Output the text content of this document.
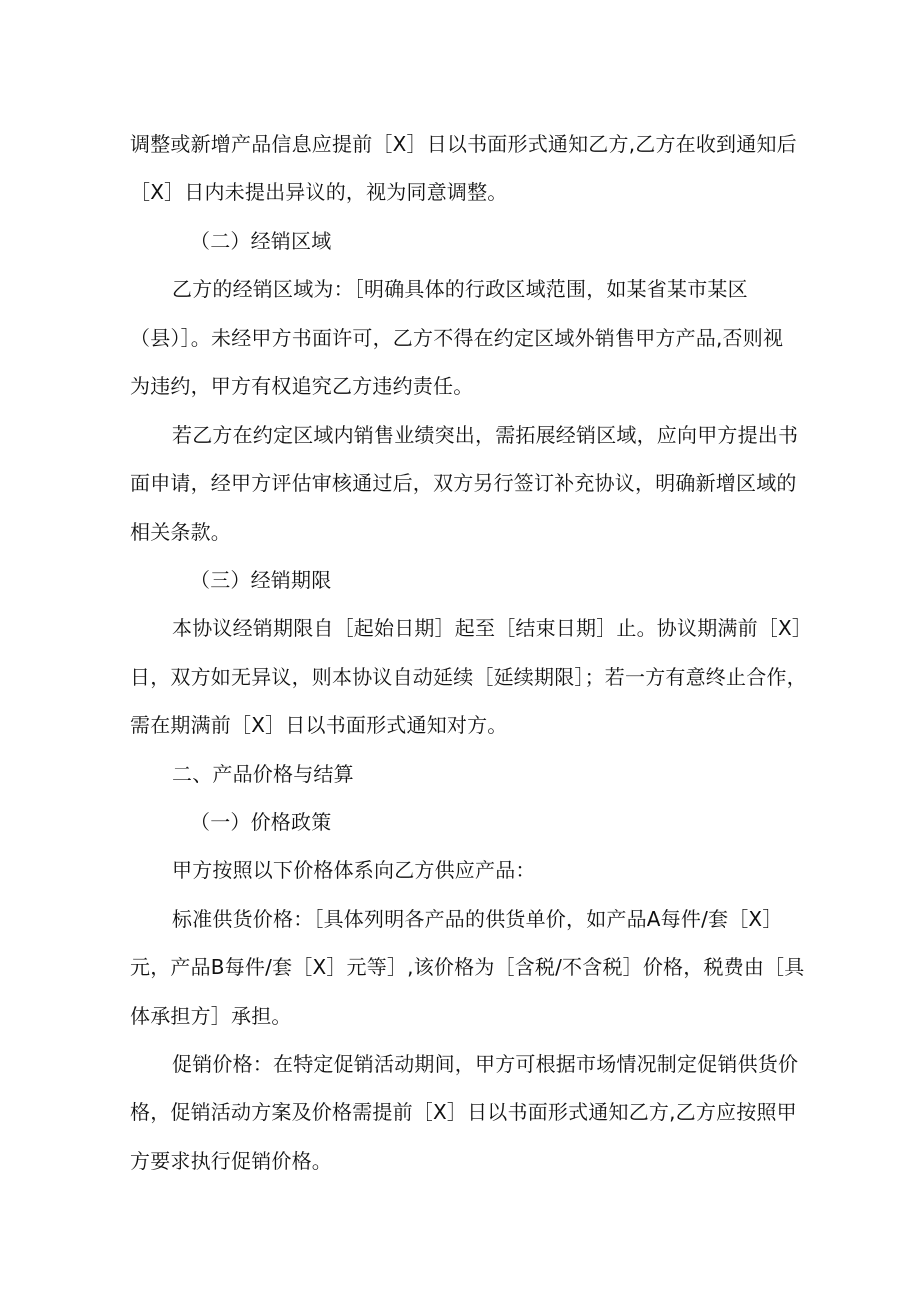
调整或新增产品信息应提前［X］日以书面形式通知乙方,乙方在收到通知后
［X］日内未提出异议的，视为同意调整。
（二）经销区域
乙方的经销区域为：［明确具体的行政区域范围，如某省某市某区
（县）］。未经甲方书面许可，乙方不得在约定区域外销售甲方产品,否则视
为违约，甲方有权追究乙方违约责任。
若乙方在约定区域内销售业绩突出，需拓展经销区域，应向甲方提出书
面申请，经甲方评估审核通过后，双方另行签订补充协议，明确新增区域的
相关条款。
（三）经销期限
本协议经销期限自［起始日期］起至［结束日期］止。协议期满前［X］
日，双方如无异议，则本协议自动延续［延续期限］；若一方有意终止合作，
需在期满前［X］日以书面形式通知对方。
二、产品价格与结算
（一）价格政策
甲方按照以下价格体系向乙方供应产品：
标准供货价格：［具体列明各产品的供货单价，如产品A每件/套［X］
元，产品B每件/套［X］元等］,该价格为［含税/不含税］价格，税费由［具
体承担方］承担。
促销价格：在特定促销活动期间，甲方可根据市场情况制定促销供货价
格，促销活动方案及价格需提前［X］日以书面形式通知乙方,乙方应按照甲
方要求执行促销价格。
